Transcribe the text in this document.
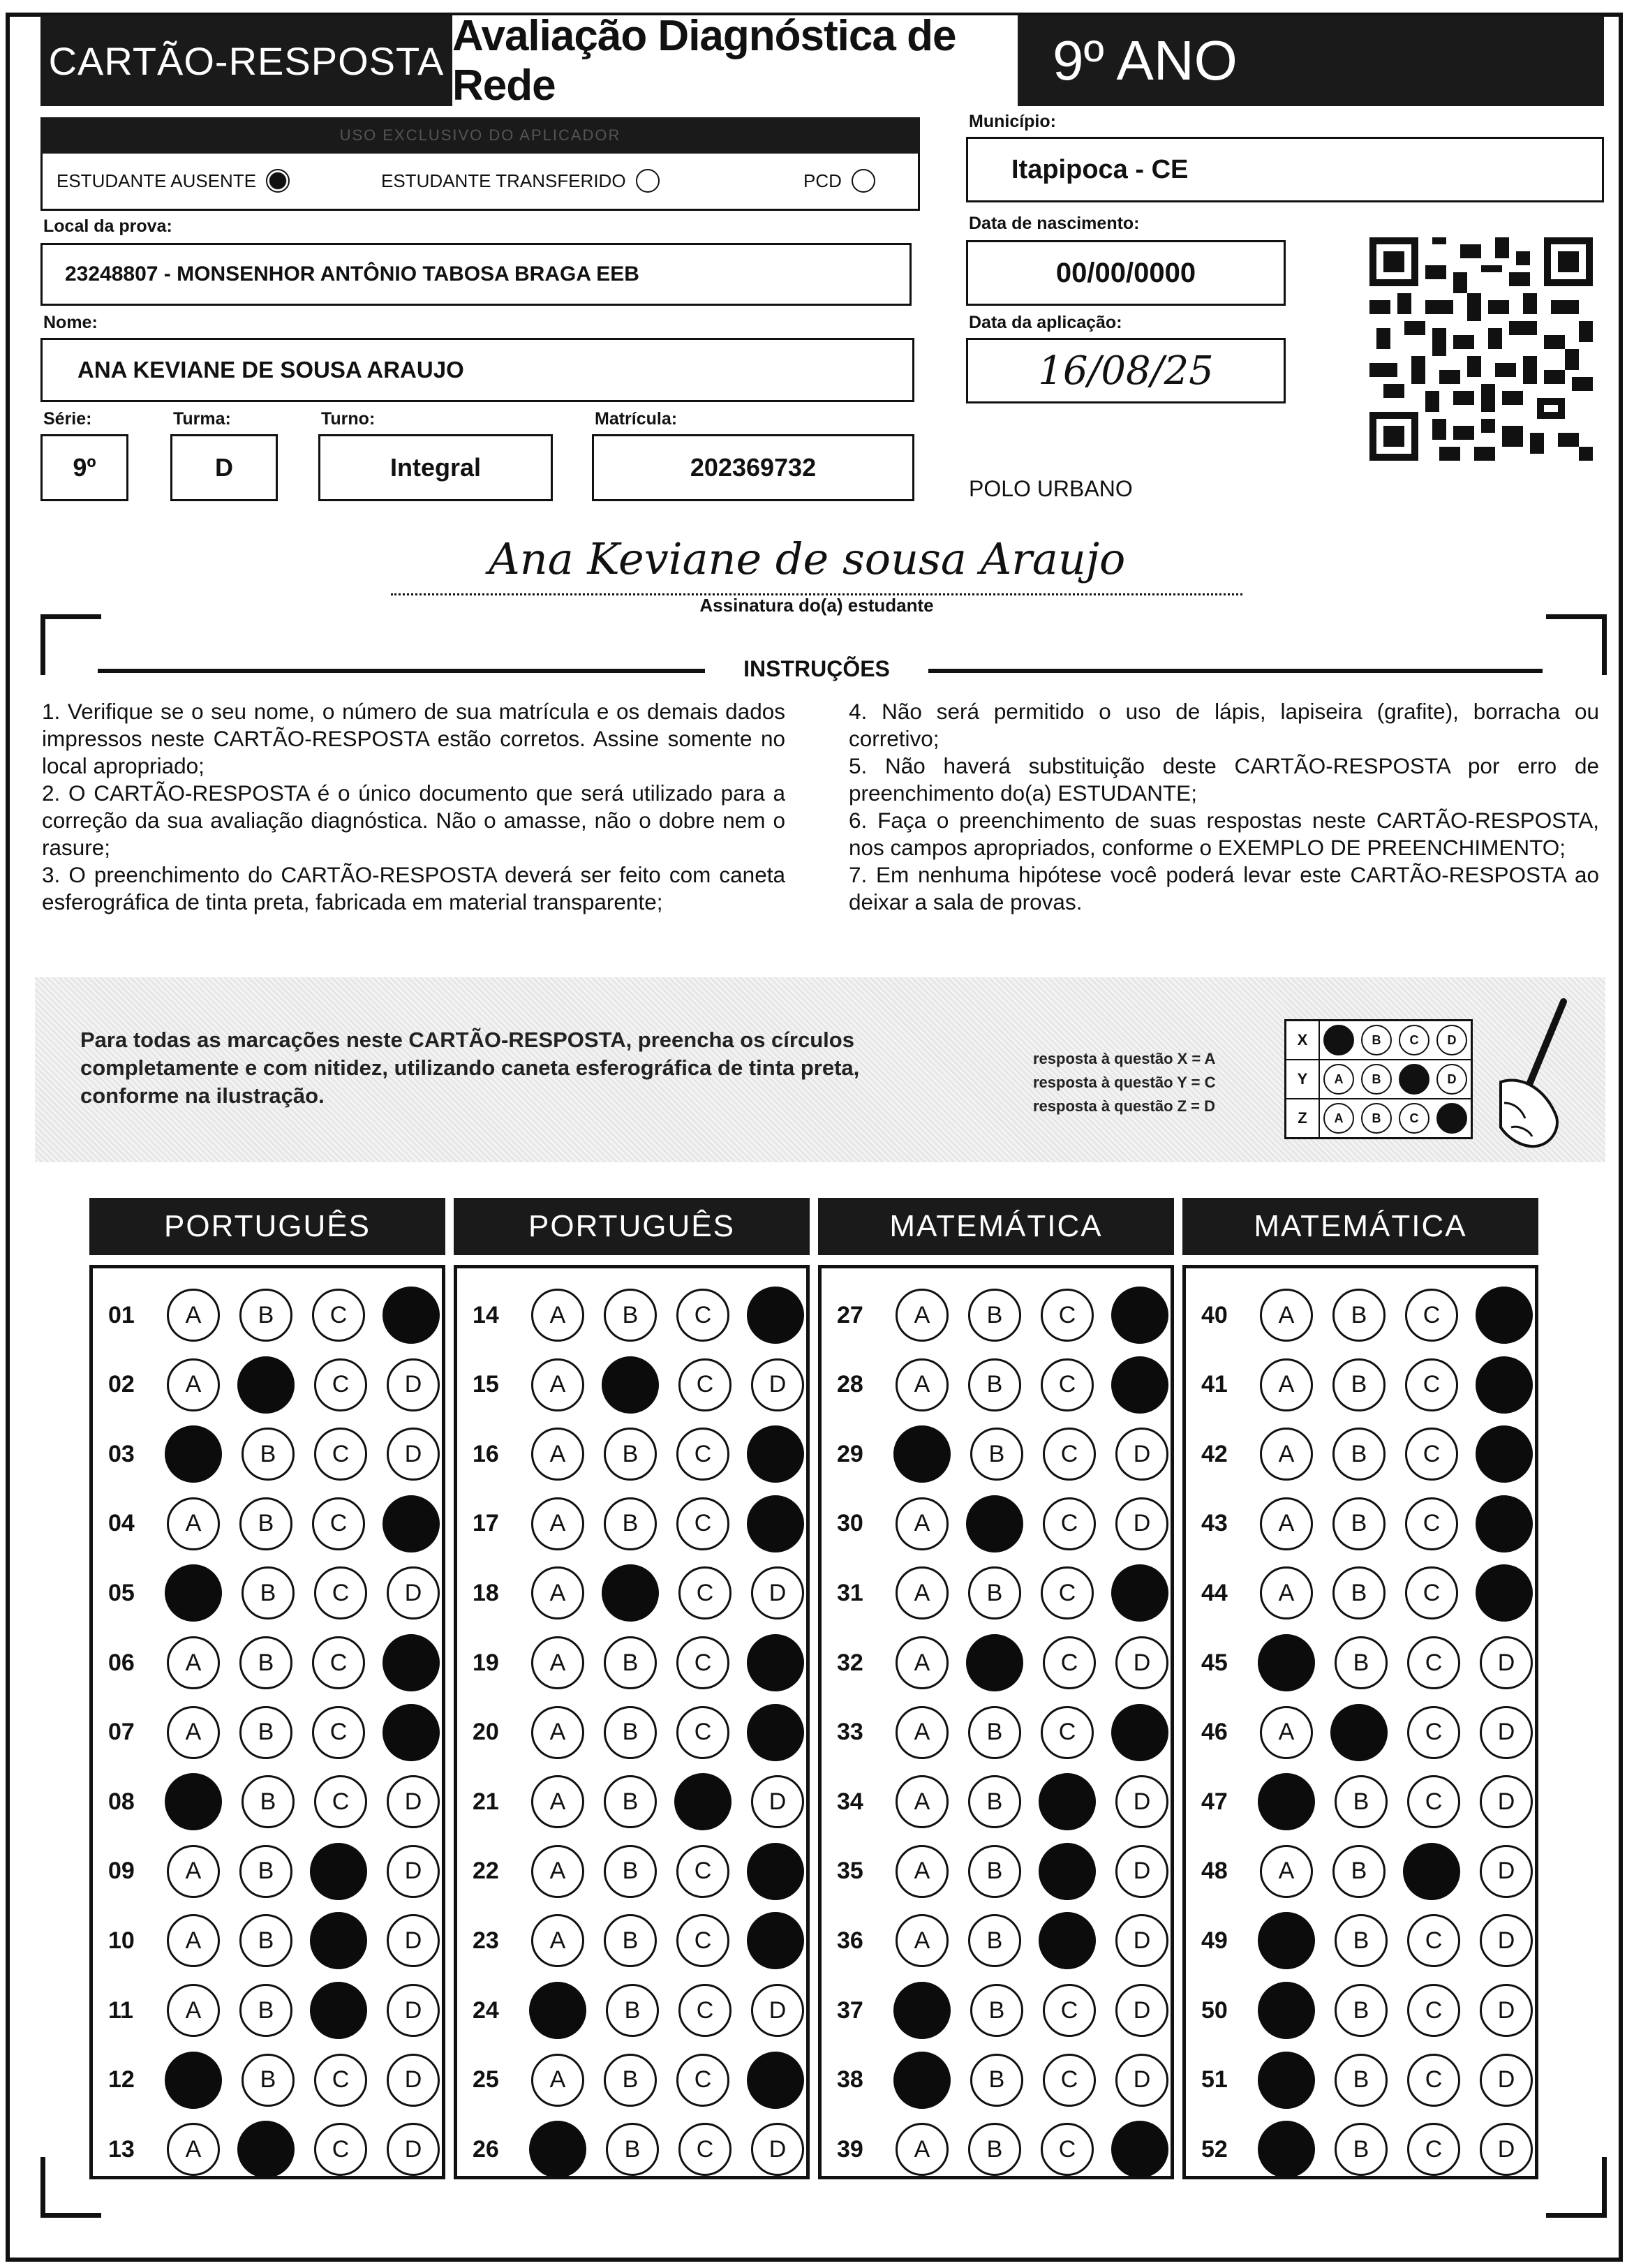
CARTÃO-RESPOSTA
Avaliação Diagnóstica de Rede	9º ANO
USO EXCLUSIVO DO APLICADOR
ESTUDANTE AUSENTE	ESTUDANTE TRANSFERIDO	PCD
Local da prova:
23248807 - MONSENHOR ANTÔNIO TABOSA BRAGA EEB
Nome:
ANA KEVIANE DE SOUSA ARAUJO
Série:
9º
Turma:
D
Turno:
Integral
Matrícula:
202369732
Município:
Itapipoca - CE
Data de nascimento:
00/00/0000
Data da aplicação:
16/08/25
POLO URBANO
Ana Keviane de sousa Araujo
Assinatura do(a) estudante
INSTRUÇÕES

1. Verifique se o seu nome, o número de sua matrícula e os demais dados impressos neste CARTÃO-RESPOSTA estão corretos. Assine somente no local apropriado;

2. O CARTÃO-RESPOSTA é o único documento que será utilizado para a correção da sua avaliação diagnóstica. Não o amasse, não o dobre nem o rasure;

3. O preenchimento do CARTÃO-RESPOSTA deverá ser feito com caneta esferográfica de tinta preta, fabricada em material transparente;

4. Não será permitido o uso de lápis, lapiseira (grafite), borracha ou corretivo;

5. Não haverá substituição deste CARTÃO-RESPOSTA por erro de preenchimento do(a) ESTUDANTE;

6. Faça o preenchimento de suas respostas neste CARTÃO-RESPOSTA, nos campos apropriados, conforme o EXEMPLO DE PREENCHIMENTO;

7. Em nenhuma hipótese você poderá levar este CARTÃO-RESPOSTA ao deixar a sala de provas.

Para todas as marcações neste CARTÃO-RESPOSTA, preencha os círculos completamente e com nitidez, utilizando caneta esferográfica de tinta preta, conforme na ilustração.
resposta à questão X = A
resposta à questão Y = C
resposta à questão Z = D
X	A	B	C	D
Y	A	B	C	D
Z	A	B	C	D
PORTUGUÊS
01	A	B	C	D
02	A	B	C	D
03	A	B	C	D
04	A	B	C	D
05	A	B	C	D
06	A	B	C	D
07	A	B	C	D
08	A	B	C	D
09	A	B	C	D
10	A	B	C	D
11	A	B	C	D
12	A	B	C	D
13	A	B	C	D
PORTUGUÊS
14	A	B	C	D
15	A	B	C	D
16	A	B	C	D
17	A	B	C	D
18	A	B	C	D
19	A	B	C	D
20	A	B	C	D
21	A	B	C	D
22	A	B	C	D
23	A	B	C	D
24	A	B	C	D
25	A	B	C	D
26	A	B	C	D
MATEMÁTICA
27	A	B	C	D
28	A	B	C	D
29	A	B	C	D
30	A	B	C	D
31	A	B	C	D
32	A	B	C	D
33	A	B	C	D
34	A	B	C	D
35	A	B	C	D
36	A	B	C	D
37	A	B	C	D
38	A	B	C	D
39	A	B	C	D
MATEMÁTICA
40	A	B	C	D
41	A	B	C	D
42	A	B	C	D
43	A	B	C	D
44	A	B	C	D
45	A	B	C	D
46	A	B	C	D
47	A	B	C	D
48	A	B	C	D
49	A	B	C	D
50	A	B	C	D
51	A	B	C	D
52	A	B	C	D
